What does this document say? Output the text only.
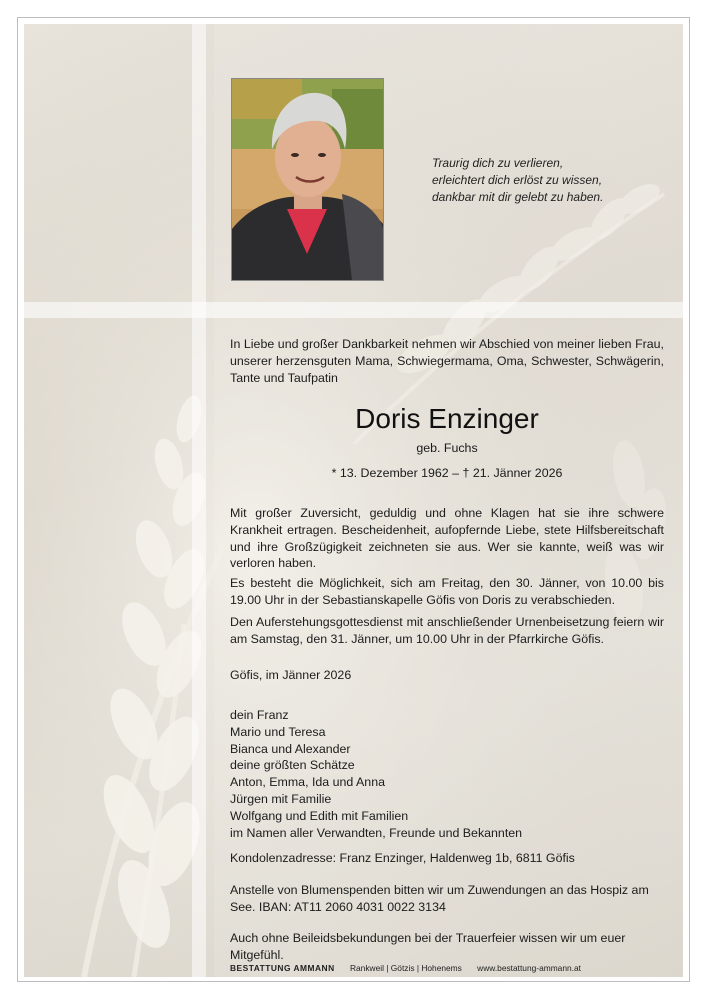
Traurig dich zu verlieren,
erleichtert dich erlöst zu wissen,
dankbar mit dir gelebt zu haben.
In Liebe und großer Dankbarkeit nehmen wir Abschied von meiner lieben Frau, unserer herzensguten Mama, Schwiegermama, Oma, Schwester, Schwägerin, Tante und Taufpatin
Doris Enzinger
geb. Fuchs
* 13. Dezember 1962 – † 21. Jänner 2026
Mit großer Zuversicht, geduldig und ohne Klagen hat sie ihre schwere Krankheit ertragen. Bescheidenheit, aufopfernde Liebe, stete Hilfsbereitschaft und ihre Großzügigkeit zeichneten sie aus. Wer sie kannte, weiß was wir verloren haben.
Es besteht die Möglichkeit, sich am Freitag, den 30. Jänner, von 10.00 bis 19.00 Uhr in der Sebastianskapelle Göfis von Doris zu verabschieden.
Den Auferstehungsgottesdienst mit anschließender Urnenbeisetzung feiern wir am Samstag, den 31. Jänner, um 10.00 Uhr in der Pfarrkirche Göfis.
Göfis, im Jänner 2026
dein Franz
Mario und Teresa
Bianca und Alexander
deine größten Schätze
Anton, Emma, Ida und Anna
Jürgen mit Familie
Wolfgang und Edith mit Familien
im Namen aller Verwandten, Freunde und Bekannten
Kondolenzadresse: Franz Enzinger, Haldenweg 1b, 6811 Göfis
Anstelle von Blumenspenden bitten wir um Zuwendungen an das Hospiz am See. IBAN: AT11 2060 4031 0022 3134
Auch ohne Beileidsbekundungen bei der Trauerfeier wissen wir um euer Mitgefühl.
BESTATTUNG AMMANN Rankweil | Götzis | Hohenems www.bestattung-ammann.at
